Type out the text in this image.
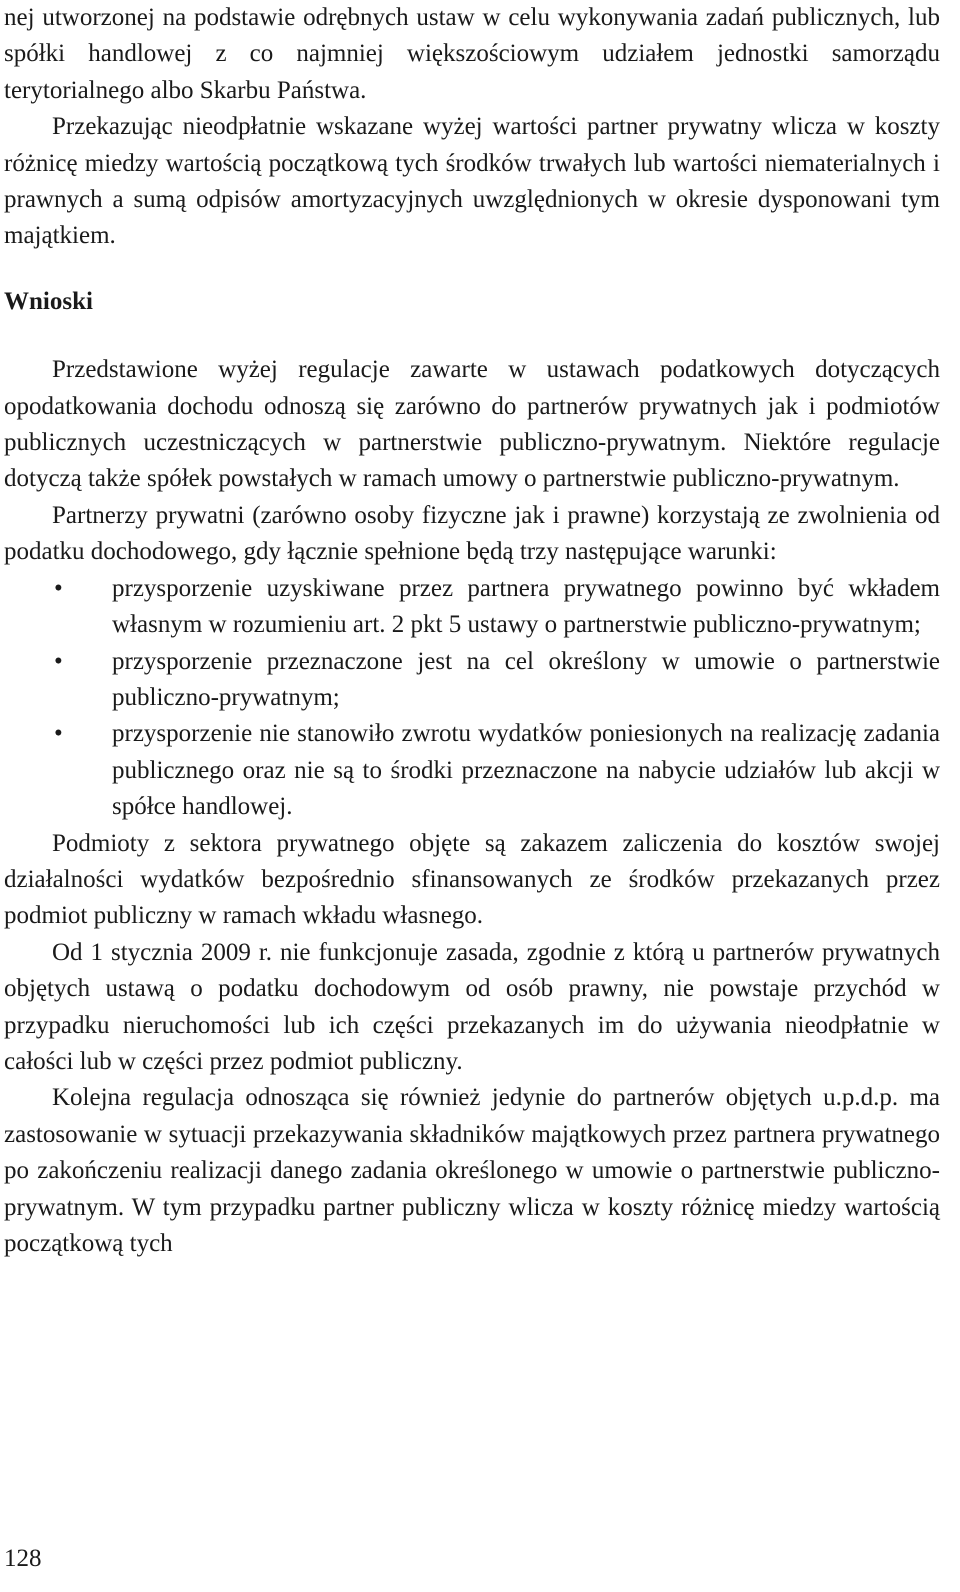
nej utworzonej na podstawie odrębnych ustaw w celu wykonywania zadań publicznych, lub spółki handlowej z co najmniej większościowym udziałem jednostki samorządu terytorialnego albo Skarbu Państwa.

Przekazując nieodpłatnie wskazane wyżej wartości partner prywatny wlicza w koszty różnicę miedzy wartością początkową tych środków trwałych lub wartości niematerialnych i prawnych a sumą odpisów amortyzacyjnych uwzględnionych w okresie dysponowani tym majątkiem.

Wnioski

Przedstawione wyżej regulacje zawarte w ustawach podatkowych dotyczących opodatkowania dochodu odnoszą się zarówno do partnerów prywatnych jak i podmiotów publicznych uczestniczących w partnerstwie publiczno-prywatnym. Niektóre regulacje dotyczą także spółek powstałych w ramach umowy o partnerstwie publiczno-prywatnym.

Partnerzy prywatni (zarówno osoby fizyczne jak i prawne) korzystają ze zwolnienia od podatku dochodowego, gdy łącznie spełnione będą trzy następujące warunki:

• przysporzenie uzyskiwane przez partnera prywatnego powinno być wkładem własnym w rozumieniu art. 2 pkt 5 ustawy o partnerstwie publiczno-prywatnym;
• przysporzenie przeznaczone jest na cel określony w umowie o partnerstwie publiczno-prywatnym;
• przysporzenie nie stanowiło zwrotu wydatków poniesionych na realizację zadania publicznego oraz nie są to środki przeznaczone na nabycie udziałów lub akcji w spółce handlowej.

Podmioty z sektora prywatnego objęte są zakazem zaliczenia do kosztów swojej działalności wydatków bezpośrednio sfinansowanych ze środków przekazanych przez podmiot publiczny w ramach wkładu własnego.

Od 1 stycznia 2009 r. nie funkcjonuje zasada, zgodnie z którą u partnerów prywatnych objętych ustawą o podatku dochodowym od osób prawny, nie powstaje przychód w przypadku nieruchomości lub ich części przekazanych im do używania nieodpłatnie w całości lub w części przez podmiot publiczny.

Kolejna regulacja odnosząca się również jedynie do partnerów objętych u.p.d.p. ma zastosowanie w sytuacji przekazywania składników majątkowych przez partnera prywatnego po zakończeniu realizacji danego zadania określonego w umowie o partnerstwie publiczno-prywatnym. W tym przypadku partner publiczny wlicza w koszty różnicę miedzy wartością początkową tych

128
